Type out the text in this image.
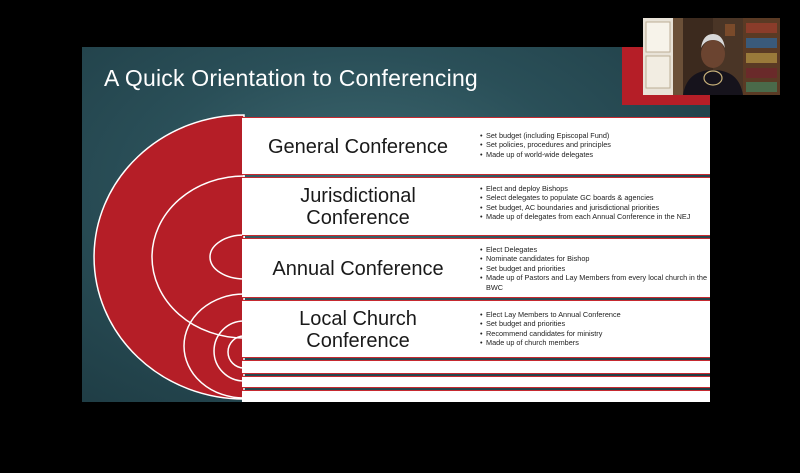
A Quick Orientation to Conferencing
General Conference
• Set budget (including Episcopal Fund)
• Set policies, procedures and principles
• Made up of world-wide delegates
Jurisdictional
Conference
• Elect and deploy Bishops
• Select delegates to populate GC boards & agencies
• Set budget, AC boundaries and jurisdictional priorities
• Made up of delegates from each Annual Conference in the NEJ
Annual Conference
• Elect Delegates
• Nominate candidates for Bishop
• Set budget and priorities
• Made up of Pastors and Lay Members from every local church in the BWC
Local Church
Conference
• Elect Lay Members to Annual Conference
• Set budget and priorities
• Recommend candidates for ministry
• Made up of church members
